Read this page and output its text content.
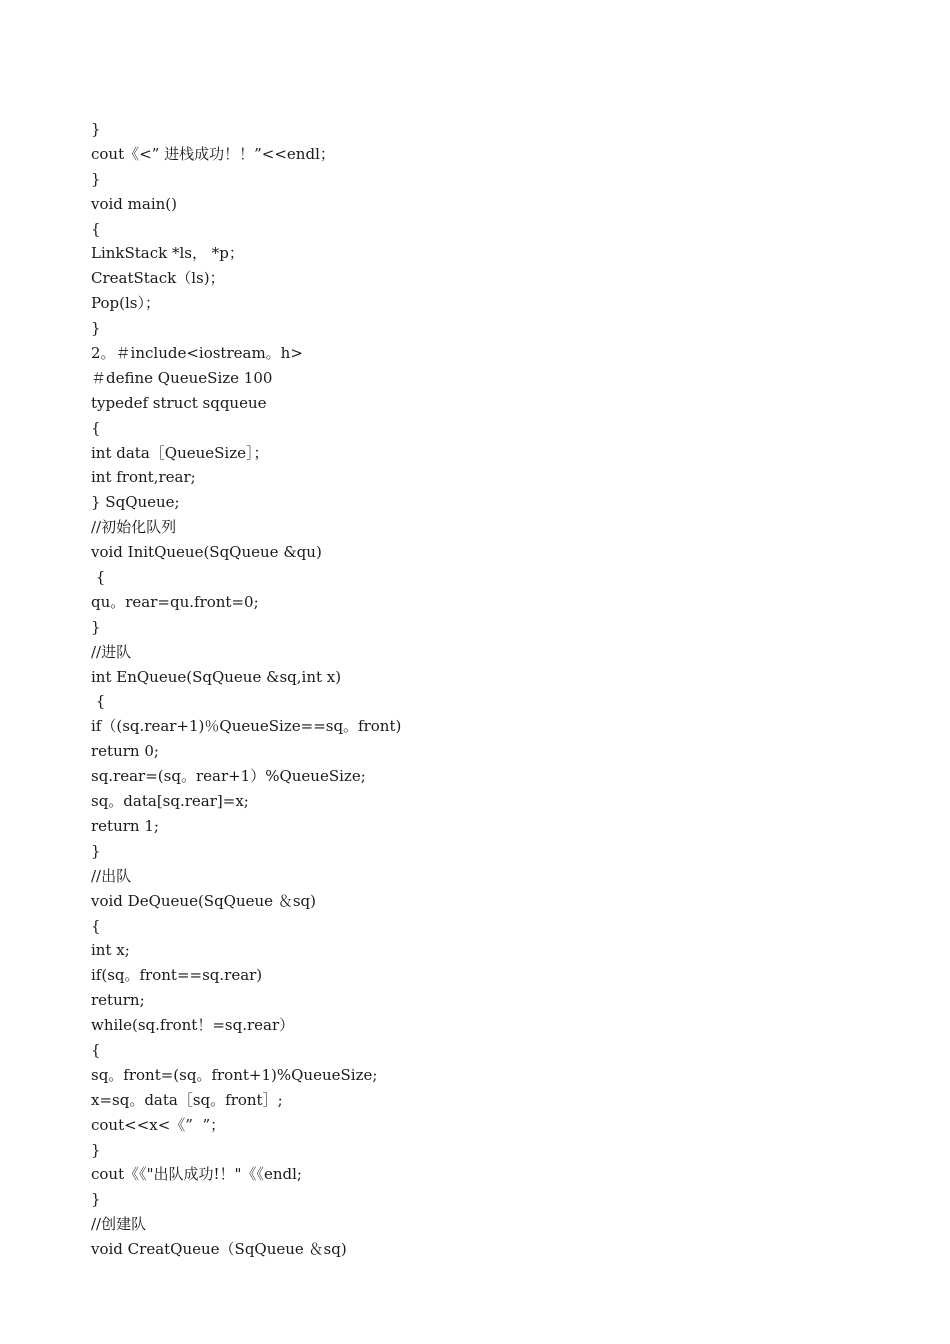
}
cout《<” 进栈成功！！”<<endl；
}
void main()
{
LinkStack *ls， *p；
CreatStack（ls)；
Pop(ls）；
}
2。＃include<iostream。h>
＃define QueueSize 100
typedef struct sqqueue
{
int data［QueueSize］；
int front,rear;
} SqQueue;
//初始化队列
void InitQueue(SqQueue &qu)
{
qu。rear=qu.front=0;
}
//进队
int EnQueue(SqQueue &sq,int x)
{
if（(sq.rear+1)％QueueSize==sq。front)
return 0;
sq.rear=(sq。rear+1）%QueueSize;
sq。data[sq.rear]=x;
return 1;
}
//出队
void DeQueue(SqQueue ＆sq)
{
int x;
if(sq。front==sq.rear)
return;
while(sq.front！=sq.rear）
{
sq。front=(sq。front+1)%QueueSize;
x=sq。data［sq。front］;
cout<<x<《”  ”；
}
cout《《"出队成功!！"《《endl;
}
//创建队
void CreatQueue（SqQueue ＆sq)
